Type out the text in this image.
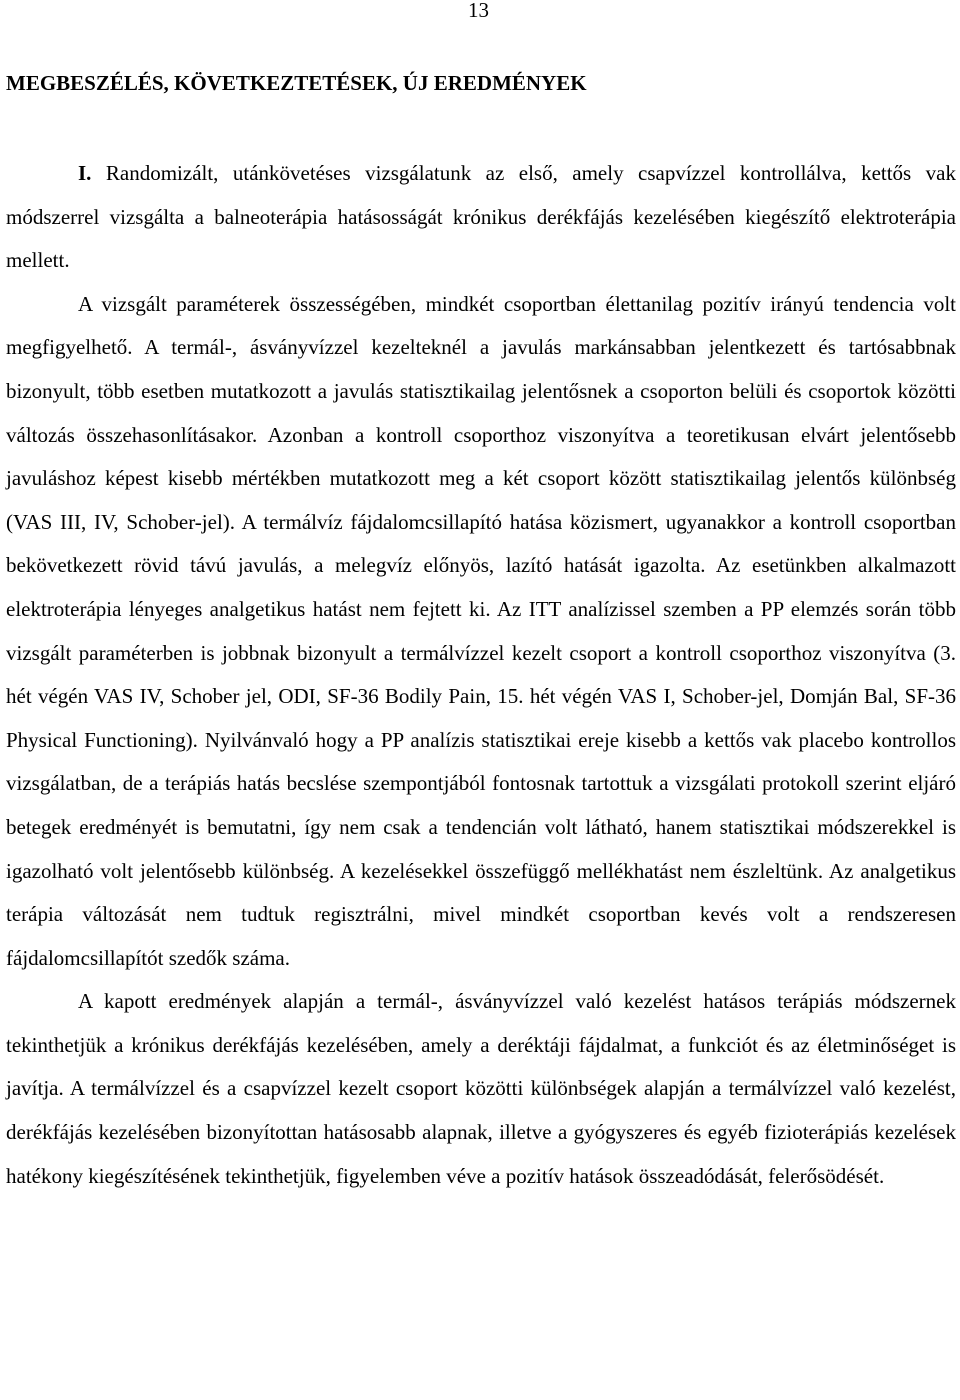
13
MEGBESZÉLÉS, KÖVETKEZTETÉSEK, ÚJ EREDMÉNYEK

I. Randomizált, utánkövetéses vizsgálatunk az első, amely csapvízzel kontrollálva, kettős vak módszerrel vizsgálta a balneoterápia hatásosságát krónikus derékfájás kezelésében kiegészítő elektroterápia mellett.

A vizsgált paraméterek összességében, mindkét csoportban élettanilag pozitív irányú tendencia volt megfigyelhető. A termál-, ásványvízzel kezelteknél a javulás markánsabban jelentkezett és tartósabbnak bizonyult, több esetben mutatkozott a javulás statisztikailag jelentősnek a csoporton belüli és csoportok közötti változás összehasonlításakor. Azonban a kontroll csoporthoz viszonyítva a teoretikusan elvárt jelentősebb javuláshoz képest kisebb mértékben mutatkozott meg a két csoport között statisztikailag jelentős különbség (VAS III, IV, Schober-jel). A termálvíz fájdalomcsillapító hatása közismert, ugyanakkor a kontroll csoportban bekövetkezett rövid távú javulás, a melegvíz előnyös, lazító hatását igazolta. Az esetünkben alkalmazott elektroterápia lényeges analgetikus hatást nem fejtett ki. Az ITT analízissel szemben a PP elemzés során több vizsgált paraméterben is jobbnak bizonyult a termálvízzel kezelt csoport a kontroll csoporthoz viszonyítva (3. hét végén VAS IV, Schober jel, ODI, SF-36 Bodily Pain, 15. hét végén VAS I, Schober-jel, Domján Bal, SF-36 Physical Functioning). Nyilvánvaló hogy a PP analízis statisztikai ereje kisebb a kettős vak placebo kontrollos vizsgálatban, de a terápiás hatás becslése szempontjából fontosnak tartottuk a vizsgálati protokoll szerint eljáró betegek eredményét is bemutatni, így nem csak a tendencián volt látható, hanem statisztikai módszerekkel is igazolható volt jelentősebb különbség. A kezelésekkel összefüggő mellékhatást nem észleltünk. Az analgetikus terápia változását nem tudtuk regisztrálni, mivel mindkét csoportban kevés volt a rendszeresen fájdalomcsillapítót szedők száma.

A kapott eredmények alapján a termál-, ásványvízzel való kezelést hatásos terápiás módszernek tekinthetjük a krónikus derékfájás kezelésében, amely a deréktáji fájdalmat, a funkciót és az életminőséget is javítja. A termálvízzel és a csapvízzel kezelt csoport közötti különbségek alapján a termálvízzel való kezelést, derékfájás kezelésében bizonyítottan hatásosabb alapnak, illetve a gyógyszeres és egyéb fizioterápiás kezelések hatékony kiegészítésének tekinthetjük, figyelemben véve a pozitív hatások összeadódását, felerősödését.
